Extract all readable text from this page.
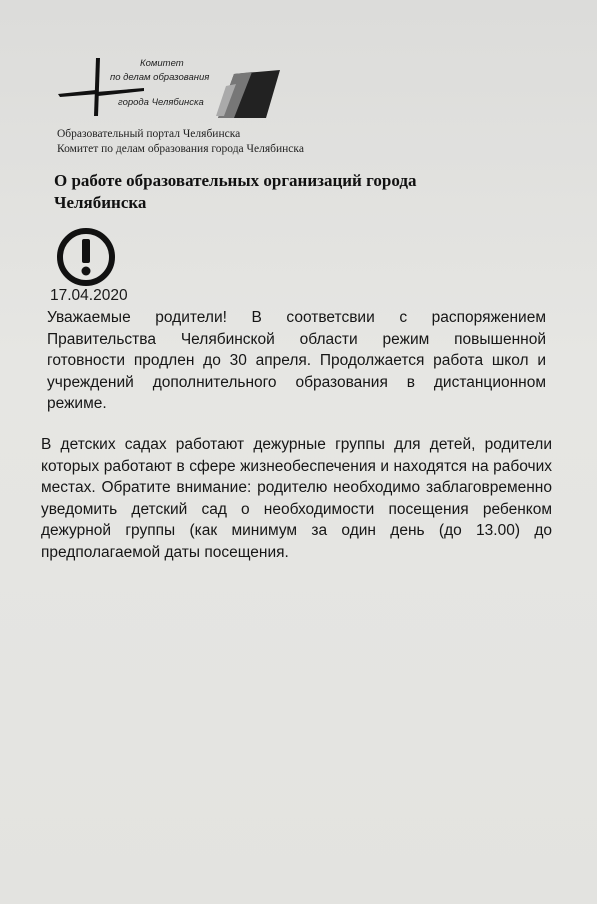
Комитет
по делам образования
города Челябинска
Образовательный портал Челябинска
Комитет по делам образования города Челябинска
О работе образовательных организаций города Челябинска
17.04.2020
Уважаемые родители! В соответсвии с распоряжением Правительства Челябинской области режим повышенной готовности продлен до 30 апреля. Продолжается работа школ и учреждений дополнительного образования в дистанционном режиме.
В детских садах работают дежурные группы для детей, родители которых работают в сфере жизнеобеспечения и находятся на рабочих местах. Обратите внимание: родителю необходимо заблаговременно уведомить детский сад о необходимости посещения ребенком дежурной группы (как минимум за один день (до 13.00) до предполагаемой даты посещения.
